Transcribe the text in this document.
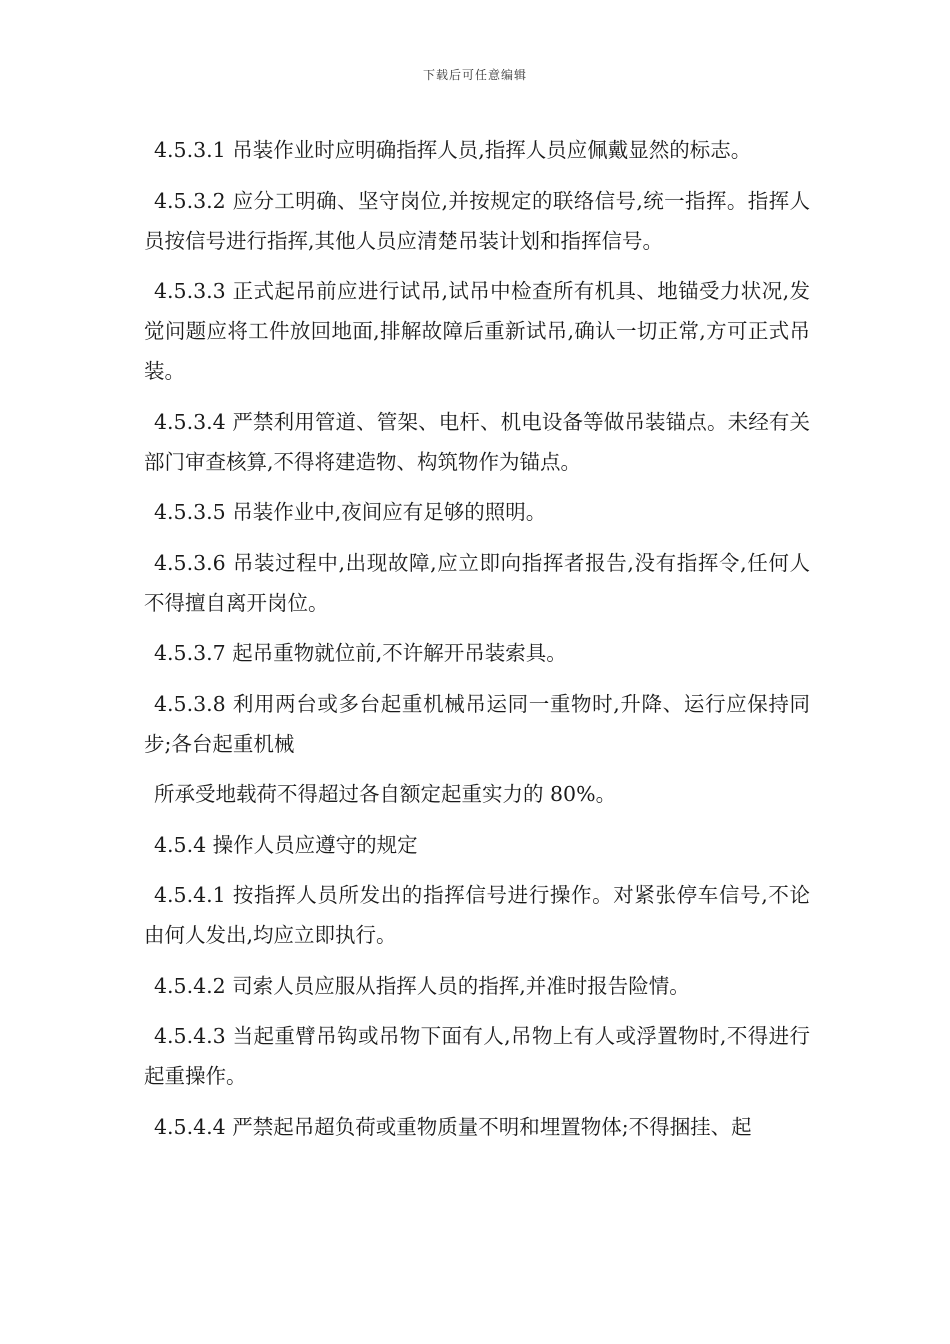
下载后可任意编辑

4.5.3.1 吊装作业时应明确指挥人员,指挥人员应佩戴显然的标志。

4.5.3.2 应分工明确、坚守岗位,并按规定的联络信号,统一指挥。指挥人员按信号进行指挥,其他人员应清楚吊装计划和指挥信号。

4.5.3.3 正式起吊前应进行试吊,试吊中检查所有机具、地锚受力状况,发觉问题应将工件放回地面,排解故障后重新试吊,确认一切正常,方可正式吊装。

4.5.3.4 严禁利用管道、管架、电杆、机电设备等做吊装锚点。未经有关部门审查核算,不得将建造物、构筑物作为锚点。

4.5.3.5 吊装作业中,夜间应有足够的照明。

4.5.3.6 吊装过程中,出现故障,应立即向指挥者报告,没有指挥令,任何人不得擅自离开岗位。

4.5.3.7 起吊重物就位前,不许解开吊装索具。

4.5.3.8 利用两台或多台起重机械吊运同一重物时,升降、运行应保持同步;各台起重机械

所承受地载荷不得超过各自额定起重实力的 80%。

4.5.4 操作人员应遵守的规定

4.5.4.1 按指挥人员所发出的指挥信号进行操作。对紧张停车信号,不论由何人发出,均应立即执行。

4.5.4.2 司索人员应服从指挥人员的指挥,并准时报告险情。

4.5.4.3 当起重臂吊钩或吊物下面有人,吊物上有人或浮置物时,不得进行起重操作。

4.5.4.4 严禁起吊超负荷或重物质量不明和埋置物体;不得捆挂、起
